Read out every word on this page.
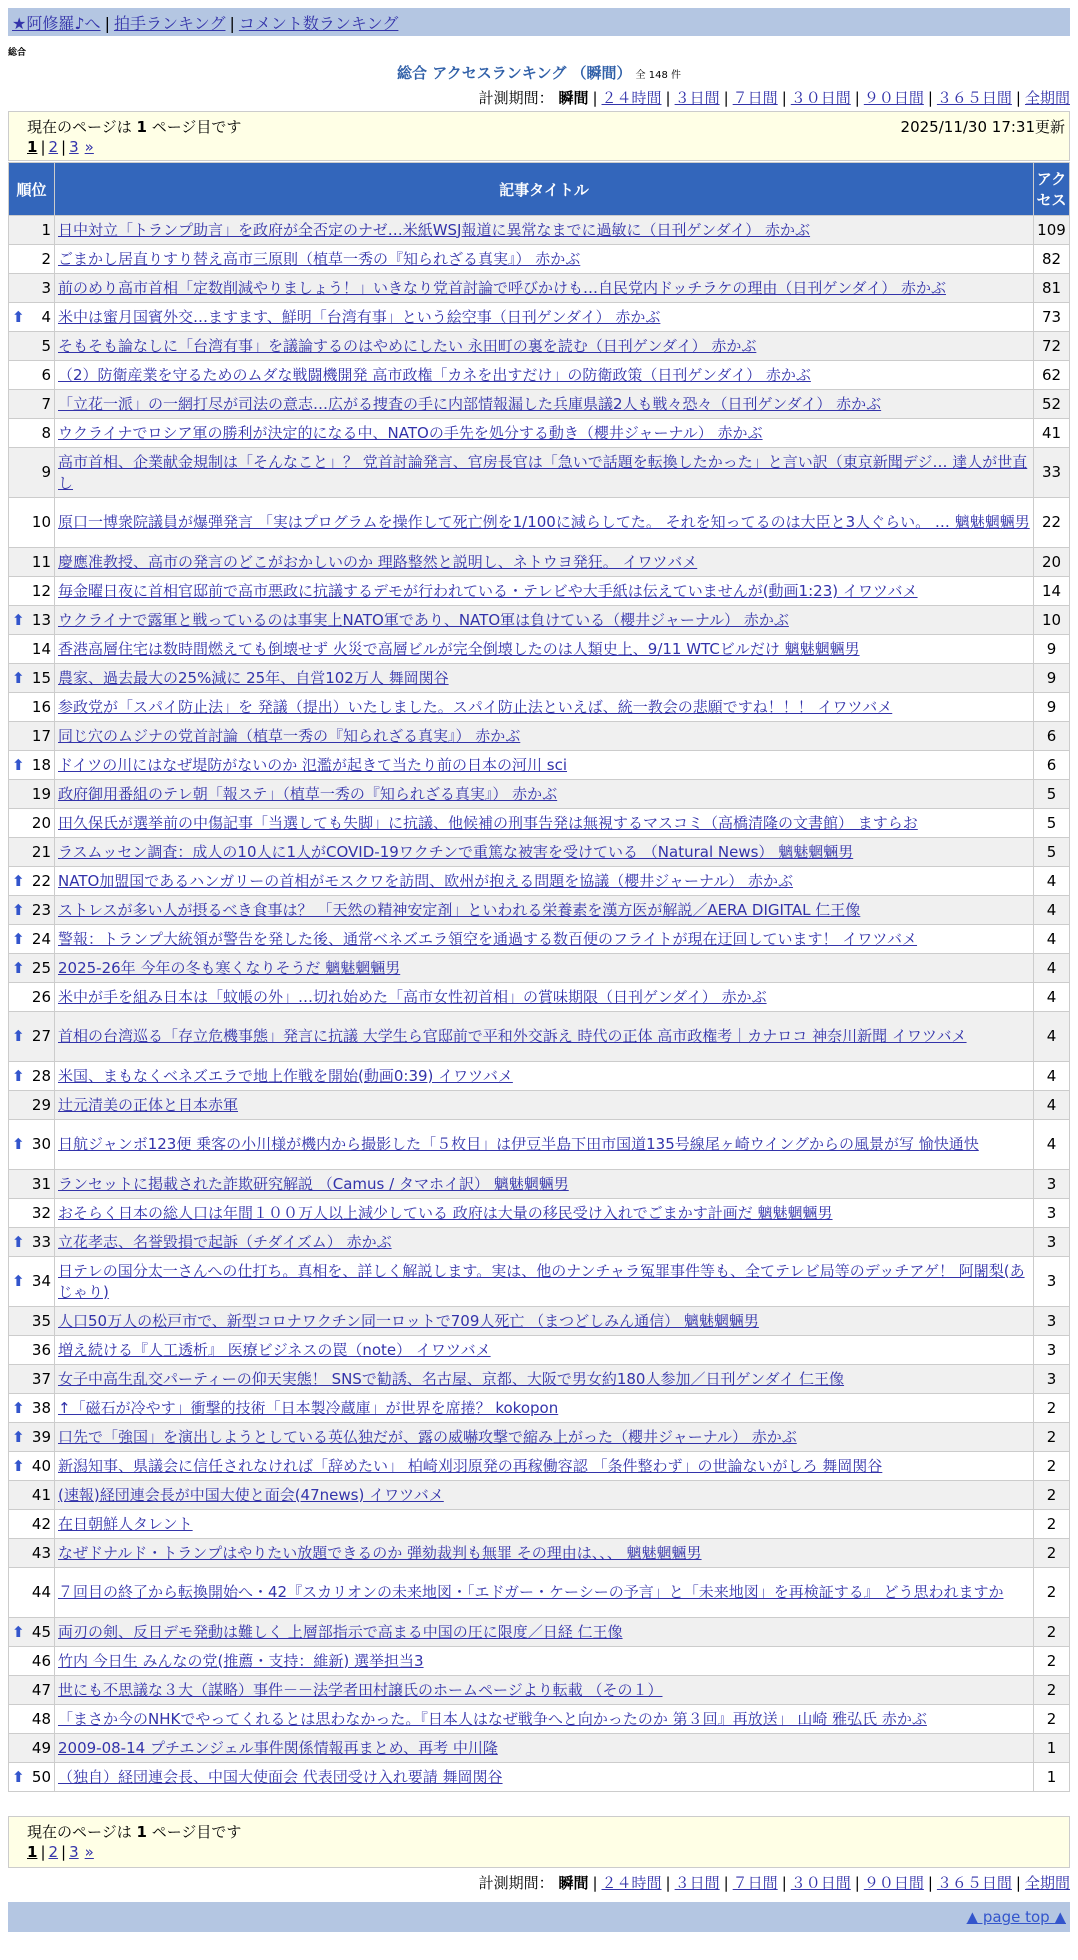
★阿修羅♪へ | 拍手ランキング | コメント数ランキング
総合
総合 アクセスランキング （瞬間） 全 148 件
計測期間： 瞬間 | ２４時間 | ３日間 | ７日間 | ３０日間 | ９０日間 | ３６５日間 | 全期間
現在のページは 1 ページ目です	2025/11/30 17:31更新
1 | 2 | 3 »
順位	記事タイトル	アクセス
1	日中対立「トランプ助言」を政府が全否定のナゼ…米紙WSJ報道に異常なまでに過敏に（日刊ゲンダイ） 赤かぶ	109
2	ごまかし居直りすり替え高市三原則（植草一秀の『知られざる真実』） 赤かぶ	82
3	前のめり高市首相「定数削減やりましょう！」いきなり党首討論で呼びかけも…自民党内ドッチラケの理由（日刊ゲンダイ） 赤かぶ	81

⬆ 4	米中は蜜月国賓外交…ますます、鮮明「台湾有事」という絵空事（日刊ゲンダイ） 赤かぶ	73
5	そもそも論なしに「台湾有事」を議論するのはやめにしたい 永田町の裏を読む（日刊ゲンダイ） 赤かぶ	72
6	（2）防衛産業を守るためのムダな戦闘機開発 高市政権「カネを出すだけ」の防衛政策（日刊ゲンダイ） 赤かぶ	62
7	「立花一派」の一網打尽が司法の意志…広がる捜査の手に内部情報漏した兵庫県議2人も戦々恐々（日刊ゲンダイ） 赤かぶ	52
8	ウクライナでロシア軍の勝利が決定的になる中、NATOの手先を処分する動き（櫻井ジャーナル） 赤かぶ	41
9	高市首相、企業献金規制は「そんなこと」？ 党首討論発言、官房長官は「急いで話題を転換したかった」と言い訳（東京新聞デジ… 達人が世直し	33
10	原口一博衆院議員が爆弾発言 「実はプログラムを操作して死亡例を1/100に減らしてた。 それを知ってるのは大臣と3人ぐらい。 … 魑魅魍魎男	22
11	慶應准教授、高市の発言のどこがおかしいのか 理路整然と説明し、ネトウヨ発狂。 イワツバメ	20
12	毎金曜日夜に首相官邸前で高市悪政に抗議するデモが行われている・テレビや大手紙は伝えていませんが(動画1:23) イワツバメ	14

⬆ 13	ウクライナで露軍と戦っているのは事実上NATO軍であり、NATO軍は負けている（櫻井ジャーナル） 赤かぶ	10
14	香港高層住宅は数時間燃えても倒壊せず 火災で高層ビルが完全倒壊したのは人類史上、9/11 WTCビルだけ 魑魅魍魎男	9

⬆ 15	農家、過去最大の25%減に 25年、自営102万人 舞岡関谷	9
16	参政党が「スパイ防止法」を 発議（提出）いたしました。スパイ防止法といえば、統一教会の悲願ですね！！！ イワツバメ	9
17	同じ穴のムジナの党首討論（植草一秀の『知られざる真実』） 赤かぶ	6

⬆ 18	ドイツの川にはなぜ堤防がないのか 氾濫が起きて当たり前の日本の河川 sci	6
19	政府御用番組のテレ朝「報ステ」（植草一秀の『知られざる真実』） 赤かぶ	5
20	田久保氏が選挙前の中傷記事「当選しても失脚」に抗議、他候補の刑事告発は無視するマスコミ（高橋清隆の文書館） ますらお	5
21	ラスムッセン調査：成人の10人に1人がCOVID-19ワクチンで重篤な被害を受けている （Natural News） 魑魅魍魎男	5

⬆ 22	NATO加盟国であるハンガリーの首相がモスクワを訪問、欧州が抱える問題を協議（櫻井ジャーナル） 赤かぶ	4

⬆ 23	ストレスが多い人が摂るべき食事は？ 「天然の精神安定剤」といわれる栄養素を漢方医が解説／AERA DIGITAL 仁王像	4

⬆ 24	警報：トランプ大統領が警告を発した後、通常ベネズエラ領空を通過する数百便のフライトが現在迂回しています！ イワツバメ	4

⬆ 25	2025-26年 今年の冬も寒くなりそうだ 魑魅魍魎男	4
26	米中が手を組み日本は「蚊帳の外」…切れ始めた「高市女性初首相」の賞味期限（日刊ゲンダイ） 赤かぶ	4

⬆ 27	首相の台湾巡る「存立危機事態」発言に抗議 大学生ら官邸前で平和外交訴え 時代の正体 高市政権考｜カナロコ 神奈川新聞 イワツバメ	4

⬆ 28	米国、まもなくベネズエラで地上作戦を開始(動画0:39) イワツバメ	4
29	辻元清美の正体と日本赤軍	4

⬆ 30	日航ジャンボ123便 乗客の小川様が機内から撮影した「５枚目」は伊豆半島下田市国道135号線尾ヶ崎ウイングからの風景が写 愉快通快	4
31	ランセットに掲載された詐欺研究解説 （Camus / タマホイ訳） 魑魅魍魎男	3
32	おそらく日本の総人口は年間１００万人以上減少している 政府は大量の移民受け入れでごまかす計画だ 魑魅魍魎男	3

⬆ 33	立花孝志、名誉毀損で起訴（チダイズム） 赤かぶ	3

⬆ 34	日テレの国分太一さんへの仕打ち。真相を、詳しく解説します。実は、他のナンチャラ冤罪事件等も、全てテレビ局等のデッチアゲ！ 阿闍梨(あじゃり)	3
35	人口50万人の松戸市で、新型コロナワクチン同一ロットで709人死亡 （まつどしみん通信） 魑魅魍魎男	3
36	増え続ける『人工透析』 医療ビジネスの罠（note） イワツバメ	3
37	女子中高生乱交パーティーの仰天実態！ SNSで勧誘、名古屋、京都、大阪で男女約180人参加／日刊ゲンダイ 仁王像	3

⬆ 38	↑「磁石が冷やす」衝撃的技術「日本製冷蔵庫」が世界を席捲？ kokopon	2

⬆ 39	口先で「強国」を演出しようとしている英仏独だが、露の威嚇攻撃で縮み上がった（櫻井ジャーナル） 赤かぶ	2

⬆ 40	新潟知事、県議会に信任されなければ「辞めたい」 柏崎刈羽原発の再稼働容認 「条件整わず」の世論ないがしろ 舞岡関谷	2
41	(速報)経団連会長が中国大使と面会(47news) イワツバメ	2
42	在日朝鮮人タレント	2
43	なぜドナルド・トランプはやりたい放題できるのか 弾劾裁判も無罪 その理由は、、、 魑魅魍魎男	2
44	７回目の終了から転換開始へ・42『スカリオンの未来地図・「エドガー・ケーシーの予言」と「未来地図」を再検証する』 どう思われますか	2

⬆ 45	両刃の剣、反日デモ発動は難しく 上層部指示で高まる中国の圧に限度／日経 仁王像	2
46	竹内 今日生 みんなの党(推薦・支持：維新) 選挙担当3	2
47	世にも不思議な３大（謀略）事件－－法学者田村譲氏のホームページより転載 （その１）	2
48	「まさか今のNHKでやってくれるとは思わなかった。『日本人はなぜ戦争へと向かったのか 第３回』再放送」 山崎 雅弘氏 赤かぶ	2
49	2009-08-14 プチエンジェル事件関係情報再まとめ、再考 中川隆	1

⬆ 50	（独自）経団連会長、中国大使面会 代表団受け入れ要請 舞岡関谷	1
現在のページは 1 ページ目です
1 | 2 | 3 »
計測期間： 瞬間 | ２４時間 | ３日間 | ７日間 | ３０日間 | ９０日間 | ３６５日間 | 全期間
▲ page top ▲
